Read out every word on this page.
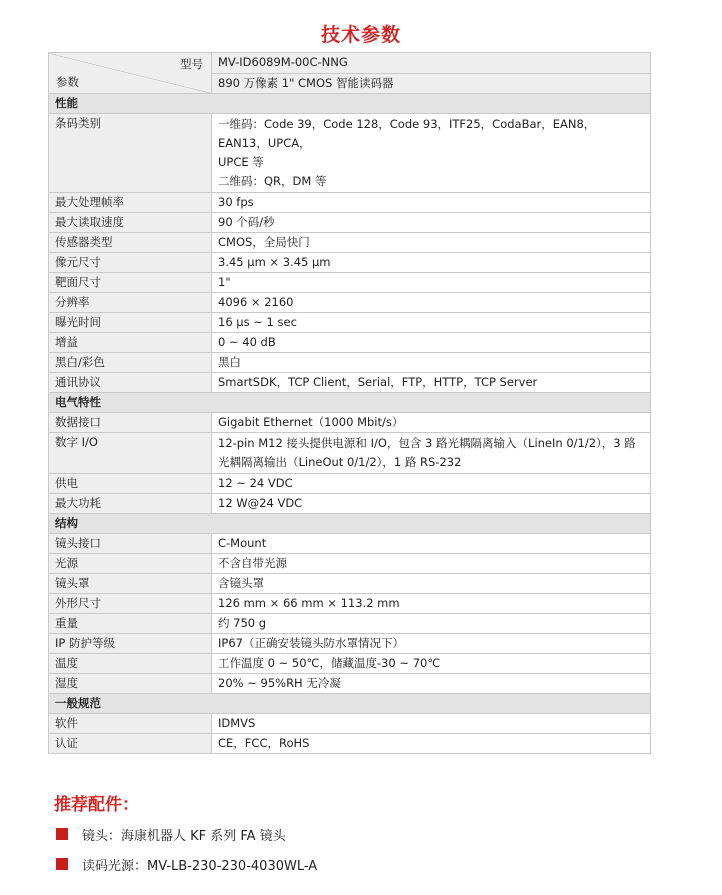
技术参数
型号
参数	MV-ID6089M-00C-NNG
	890 万像素 1" CMOS 智能读码器
性能	
条码类别	一维码：Code 39，Code 128，Code 93，ITF25，CodaBar，EAN8，EAN13，UPCA，
UPCE 等
二维码：QR，DM 等

最大处理帧率	30 fps

最大读取速度	90 个码/秒

传感器类型	CMOS，全局快门

像元尺寸	3.45 μm × 3.45 μm

靶面尺寸	1"

分辨率	4096 × 2160

曝光时间	16 μs ~ 1 sec

增益	0 ~ 40 dB

黑白/彩色	黑白

通讯协议	SmartSDK，TCP Client，Serial，FTP，HTTP，TCP Server

电气特性	
数据接口	Gigabit Ethernet（1000 Mbit/s）

数字 I/O	12-pin M12 接头提供电源和 I/O，包含 3 路光耦隔离输入（LineIn 0/1/2），3 路
光耦隔离输出（LineOut 0/1/2），1 路 RS-232

供电	12 ~ 24 VDC

最大功耗	12 W@24 VDC

结构	
镜头接口	C-Mount

光源	不含自带光源

镜头罩	含镜头罩

外形尺寸	126 mm × 66 mm × 113.2 mm

重量	约 750 g

IP 防护等级	IP67（正确安装镜头防水罩情况下）

温度	工作温度 0 ~ 50℃，储藏温度-30 ~ 70℃

湿度	20% ~ 95%RH 无冷凝

一般规范	
软件	IDMVS

认证	CE，FCC，RoHS
推荐配件：
镜头：海康机器人 KF 系列 FA 镜头
读码光源：MV-LB-230-230-4030WL-A
